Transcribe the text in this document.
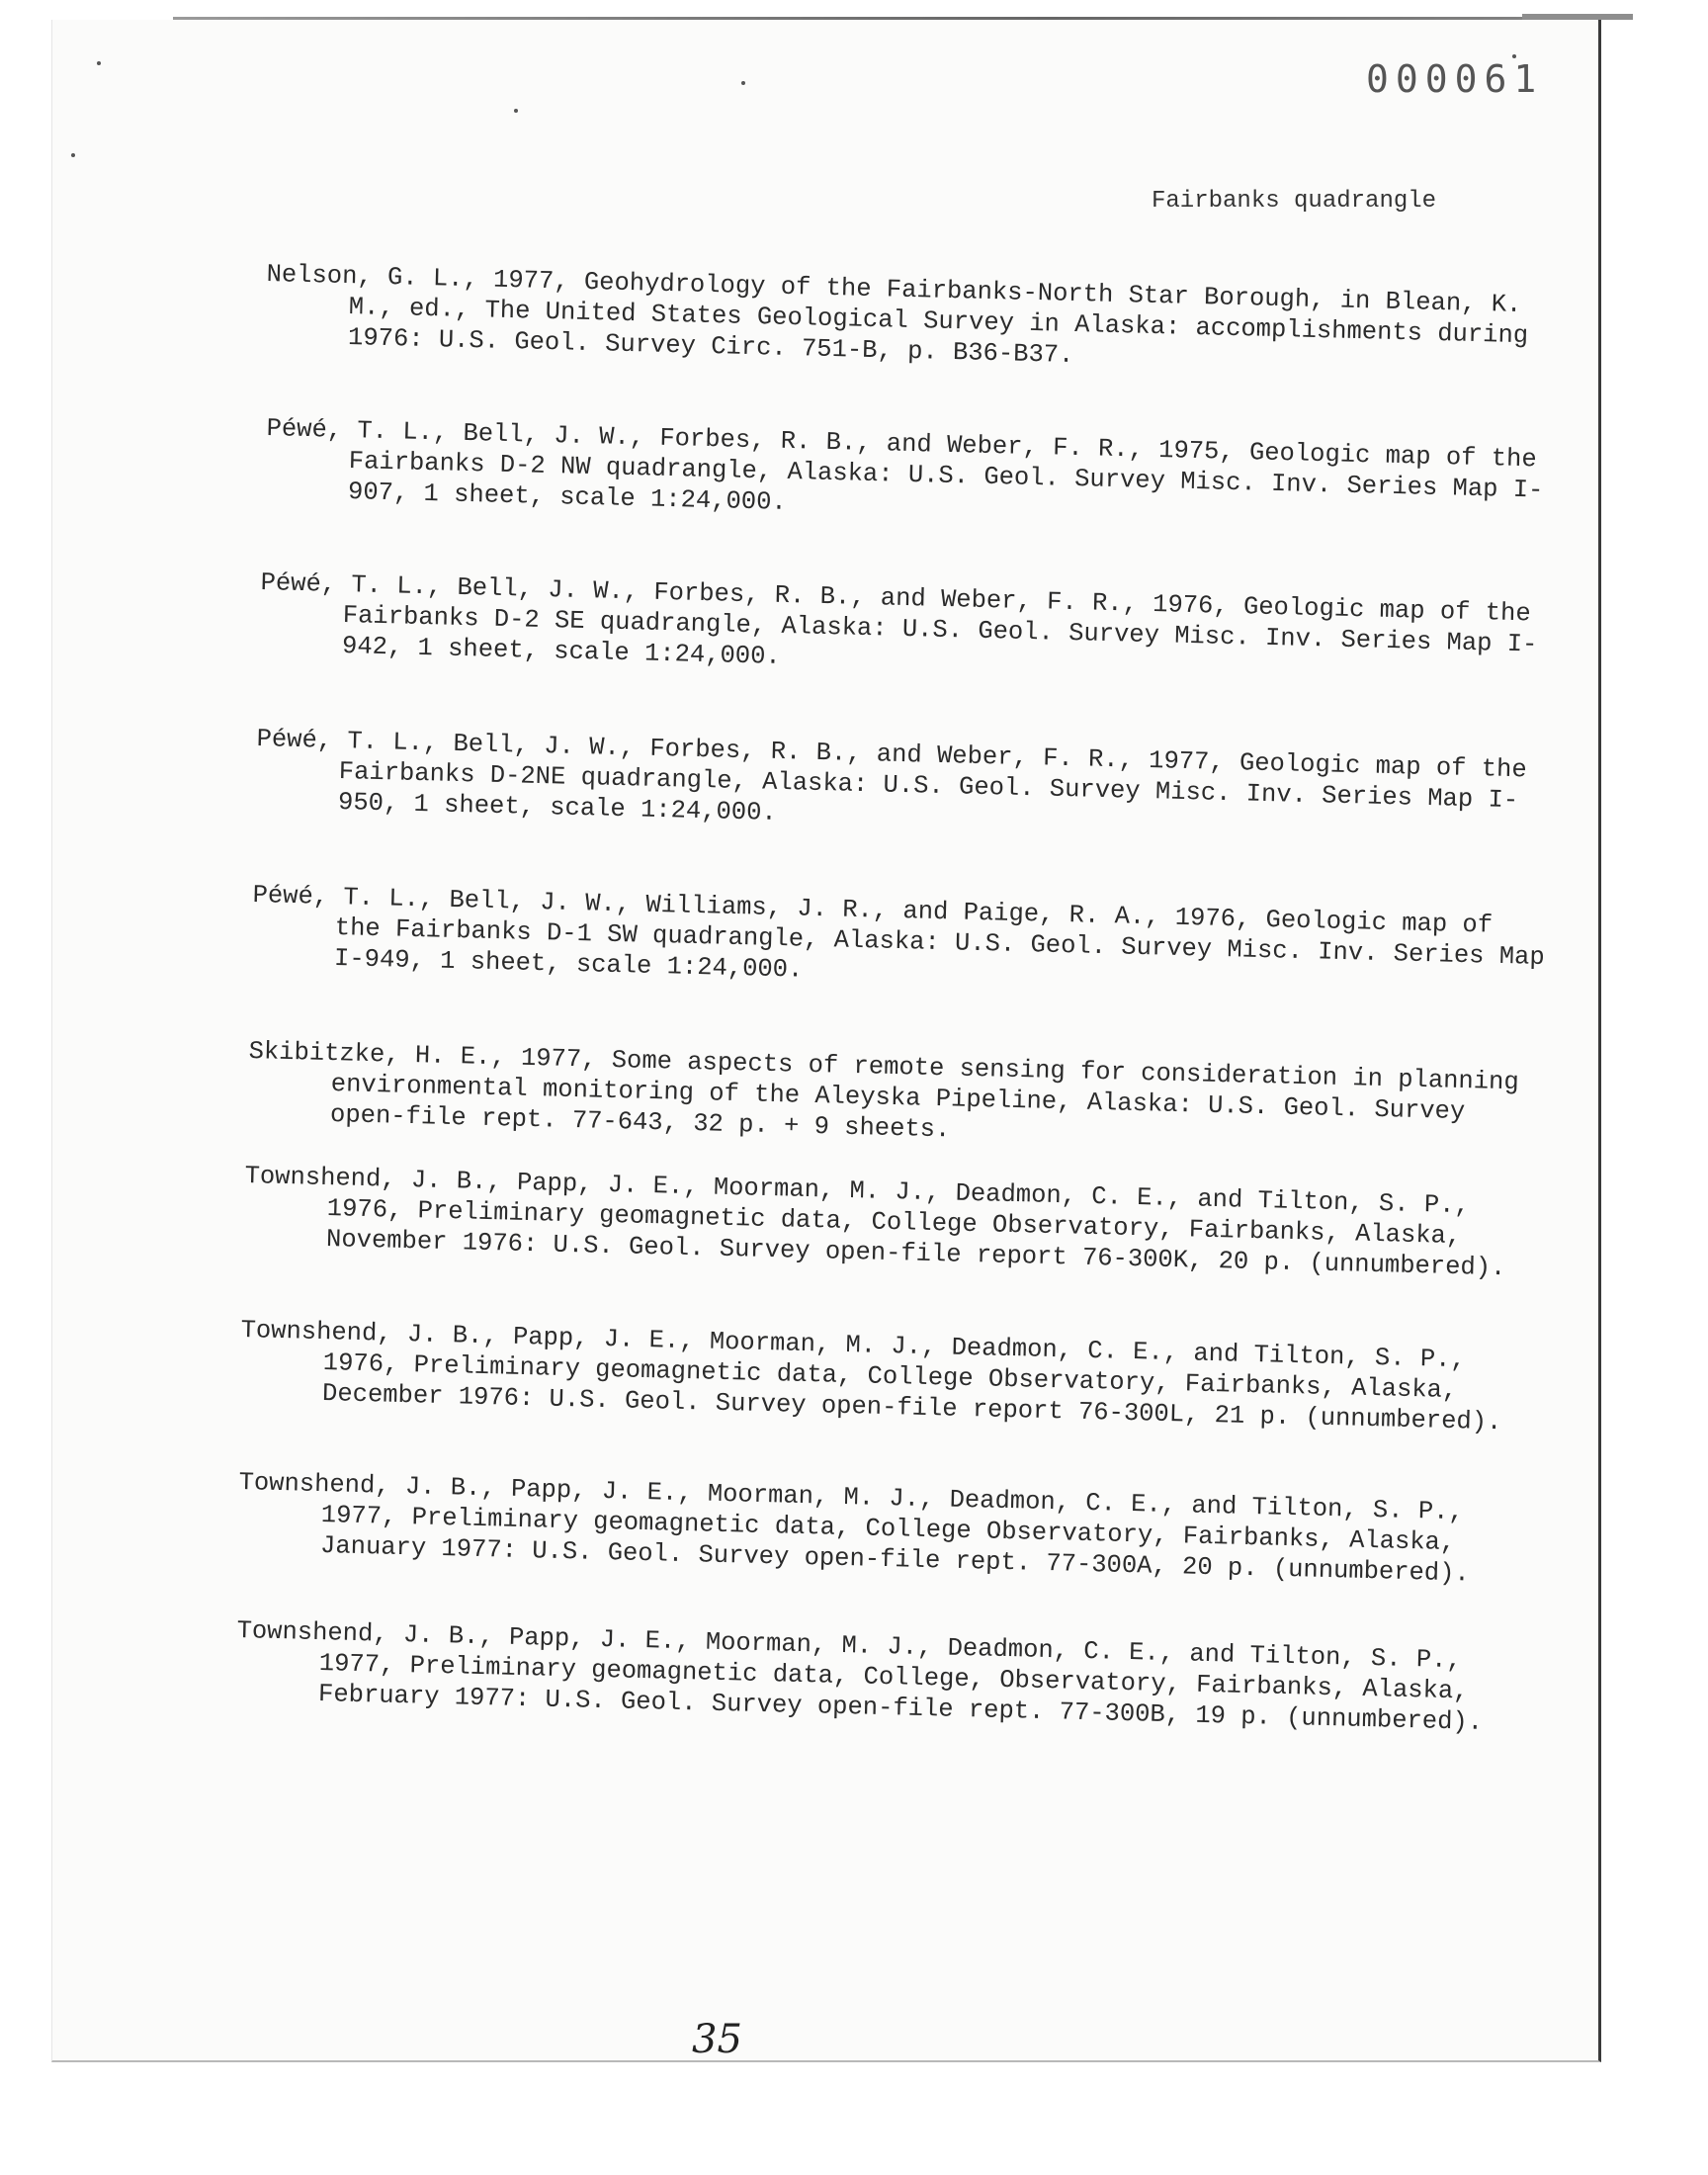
000061
Fairbanks quadrangle

Nelson, G. L., 1977, Geohydrology of the Fairbanks-North Star Borough, in Blean, K. M., ed., The United States Geological Survey in Alaska: accomplishments during 1976: U.S. Geol. Survey Circ. 751-B, p. B36-B37.

Péwé, T. L., Bell, J. W., Forbes, R. B., and Weber, F. R., 1975, Geologic map of the Fairbanks D-2 NW quadrangle, Alaska: U.S. Geol. Survey Misc. Inv. Series Map I-907, 1 sheet, scale 1:24,000.

Péwé, T. L., Bell, J. W., Forbes, R. B., and Weber, F. R., 1976, Geologic map of the Fairbanks D-2 SE quadrangle, Alaska: U.S. Geol. Survey Misc. Inv. Series Map I-942, 1 sheet, scale 1:24,000.

Péwé, T. L., Bell, J. W., Forbes, R. B., and Weber, F. R., 1977, Geologic map of the Fairbanks D-2NE quadrangle, Alaska: U.S. Geol. Survey Misc. Inv. Series Map I-950, 1 sheet, scale 1:24,000.

Péwé, T. L., Bell, J. W., Williams, J. R., and Paige, R. A., 1976, Geologic map of the Fairbanks D-1 SW quadrangle, Alaska: U.S. Geol. Survey Misc. Inv. Series Map I-949, 1 sheet, scale 1:24,000.

Skibitzke, H. E., 1977, Some aspects of remote sensing for consideration in planning environmental monitoring of the Aleyska Pipeline, Alaska: U.S. Geol. Survey open-file rept. 77-643, 32 p. + 9 sheets.

Townshend, J. B., Papp, J. E., Moorman, M. J., Deadmon, C. E., and Tilton, S. P., 1976, Preliminary geomagnetic data, College Observatory, Fairbanks, Alaska, November 1976: U.S. Geol. Survey open-file report 76-300K, 20 p. (unnumbered).

Townshend, J. B., Papp, J. E., Moorman, M. J., Deadmon, C. E., and Tilton, S. P., 1976, Preliminary geomagnetic data, College Observatory, Fairbanks, Alaska, December 1976: U.S. Geol. Survey open-file report 76-300L, 21 p. (unnumbered).

Townshend, J. B., Papp, J. E., Moorman, M. J., Deadmon, C. E., and Tilton, S. P., 1977, Preliminary geomagnetic data, College Observatory, Fairbanks, Alaska, January 1977: U.S. Geol. Survey open-file rept. 77-300A, 20 p. (unnumbered).

Townshend, J. B., Papp, J. E., Moorman, M. J., Deadmon, C. E., and Tilton, S. P., 1977, Preliminary geomagnetic data, College, Observatory, Fairbanks, Alaska, February 1977: U.S. Geol. Survey open-file rept. 77-300B, 19 p. (unnumbered).

35
